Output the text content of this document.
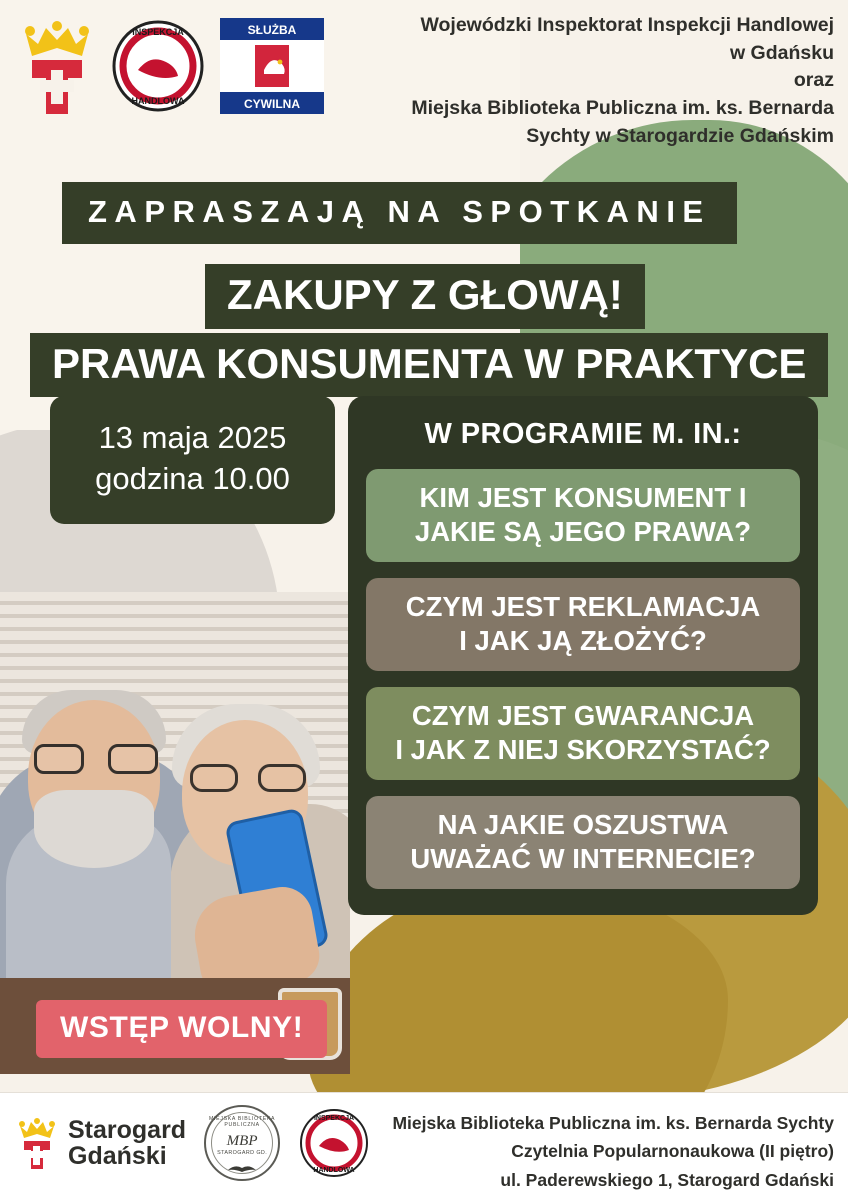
INSPEKCJA
HANDLOWA
SŁUŻBA
CYWILNA
Wojewódzki Inspektorat Inspekcji Handlowej
w Gdańsku
oraz
Miejska Biblioteka Publiczna im. ks. Bernarda
Sychty w Starogardzie Gdańskim
ZAPRASZAJĄ NA SPOTKANIE
ZAKUPY Z GŁOWĄ!
PRAWA KONSUMENTA W PRAKTYCE
13 maja 2025
godzina 10.00
W PROGRAMIE M. IN.:
KIM JEST KONSUMENT I
JAKIE SĄ JEGO PRAWA?
CZYM JEST REKLAMACJA
I JAK JĄ ZŁOŻYĆ?
CZYM JEST GWARANCJA
I JAK Z NIEJ SKORZYSTAĆ?
NA JAKIE OSZUSTWA
UWAŻAĆ W INTERNECIE?
WSTĘP WOLNY!
Starogard
Gdański
MIEJSKA BIBLIOTEKA PUBLICZNA
MBP
STAROGARD GD.
INSPEKCJA
HANDLOWA
Miejska Biblioteka Publiczna im. ks. Bernarda Sychty
Czytelnia Popularnonaukowa (II piętro)
ul. Paderewskiego 1, Starogard Gdański
